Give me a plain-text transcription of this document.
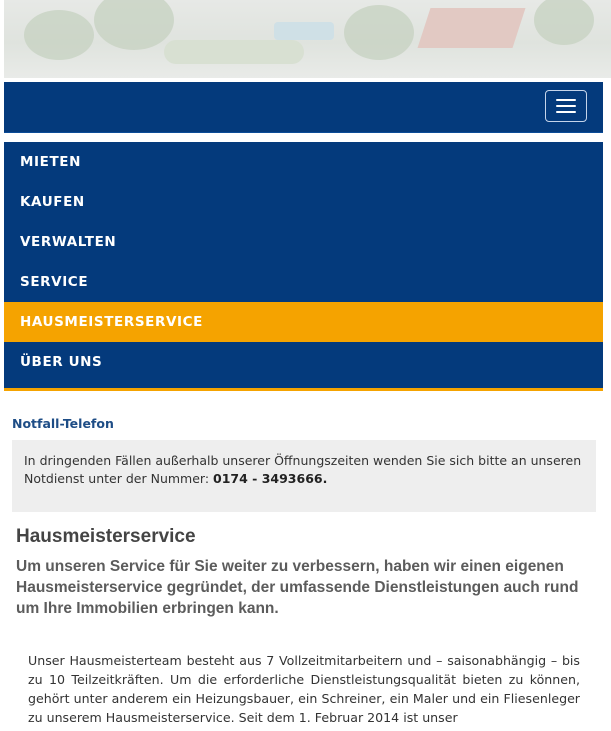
MIETEN
KAUFEN
VERWALTEN
SERVICE
HAUSMEISTERSERVICE
ÜBER UNS
Notfall-Telefon
In dringenden Fällen außerhalb unserer Öffnungszeiten wenden Sie sich bitte an unseren Notdienst unter der Nummer: 0174 - 3493666.
Hausmeisterservice
Um unseren Service für Sie weiter zu verbessern, haben wir einen eigenen Hausmeisterservice gegründet, der umfassende Dienstleistungen auch rund um Ihre Immobilien erbringen kann.
Unser Hausmeisterteam besteht aus 7 Vollzeitmitarbeitern und – saisonabhängig – bis zu 10 Teilzeitkräften. Um die erforderliche Dienstleistungsqualität bieten zu können, gehört unter anderem ein Heizungsbauer, ein Schreiner, ein Maler und ein Fliesenleger zu unserem Hausmeisterservice. Seit dem 1. Februar 2014 ist unser
